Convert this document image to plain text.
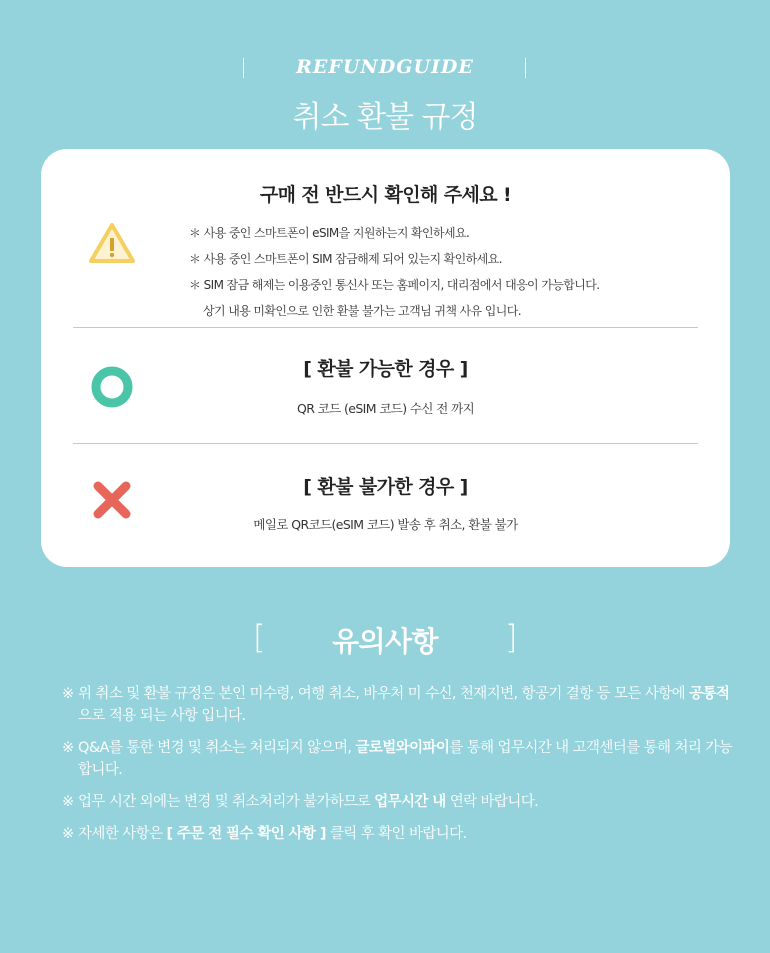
REFUNDGUIDE
취소 환불 규정
구매 전 반드시 확인해 주세요 !
＊ 사용 중인 스마트폰이 eSIM을 지원하는지 확인하세요.
＊ 사용 중인 스마트폰이 SIM 잠금해제 되어 있는지 확인하세요.
＊ SIM 잠금 해제는 이용중인 통신사 또는 홈페이지, 대리점에서 대응이 가능합니다.
상기 내용 미확인으로 인한 환불 불가는 고객님 귀책 사유 입니다.
[ 환불 가능한 경우 ]
QR 코드 (eSIM 코드) 수신 전 까지
[ 환불 불가한 경우 ]
메일로 QR코드(eSIM 코드) 발송 후 취소, 환불 불가
[	유의사항	]
※ 위 취소 및 환불 규정은 본인 미수령, 여행 취소, 바우처 미 수신, 천재지변, 항공기 결항 등 모든 사항에 공통적으로 적용 되는 사항 입니다.
※ Q&A를 통한 변경 및 취소는 처리되지 않으며, 글로벌와이파이를 통해 업무시간 내 고객센터를 통해 처리 가능합니다.
※ 업무 시간 외에는 변경 및 취소처리가 불가하므로 업무시간 내 연락 바랍니다.
※ 자세한 사항은 [ 주문 전 필수 확인 사항 ] 클릭 후 확인 바랍니다.
